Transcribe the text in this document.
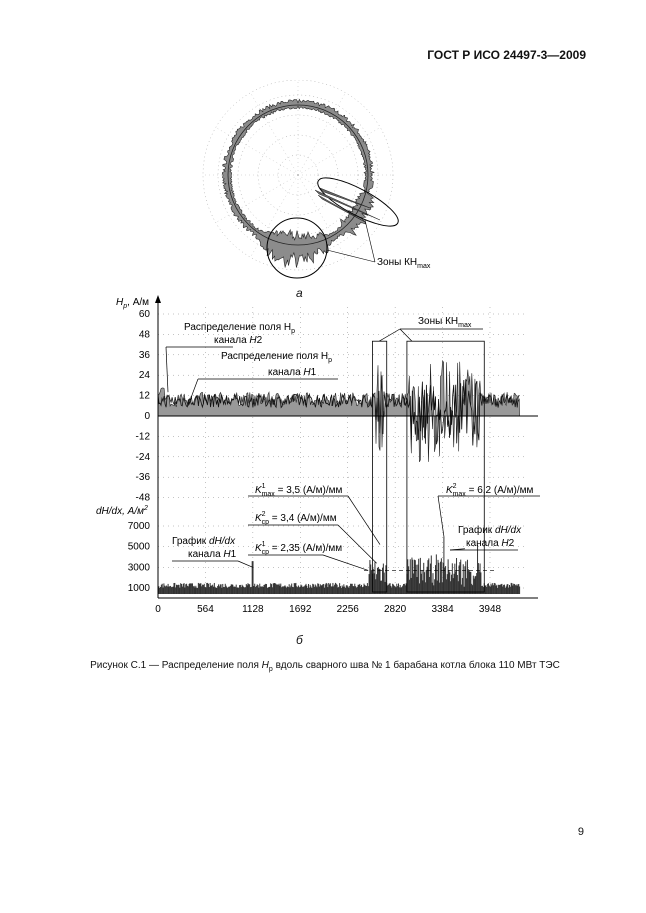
ГОСТ Р ИСО 24497-3—2009
Зоны $КН_{max}$
а
60
48
36
24
12
0
-12
-24
-36
-48
7000
5000
3000
1000
0	564	1128	1692	2256	2820	3384	3948
$H_р$, А/м
dH/dx, $А/м^2$
Зоны $КН_{max}$
Распределение поля $H_р$
канала H2
Распределение поля $H_р$
канала H1
$K^1$ max = 3,5 (А/м)/мм
$K^2$ ср = 3,4 (А/м)/мм
$K^1$ ср = 2,35 (А/м)/мм
$K^2$ max = 6,2 (А/м)/мм
График dH/dx
канала H1
График dH/dx
канала H2
б
Рисунок С.1 — Распределение поля $H_р$ вдоль сварного шва № 1 барабана котла блока 110 МВт ТЭС
9
